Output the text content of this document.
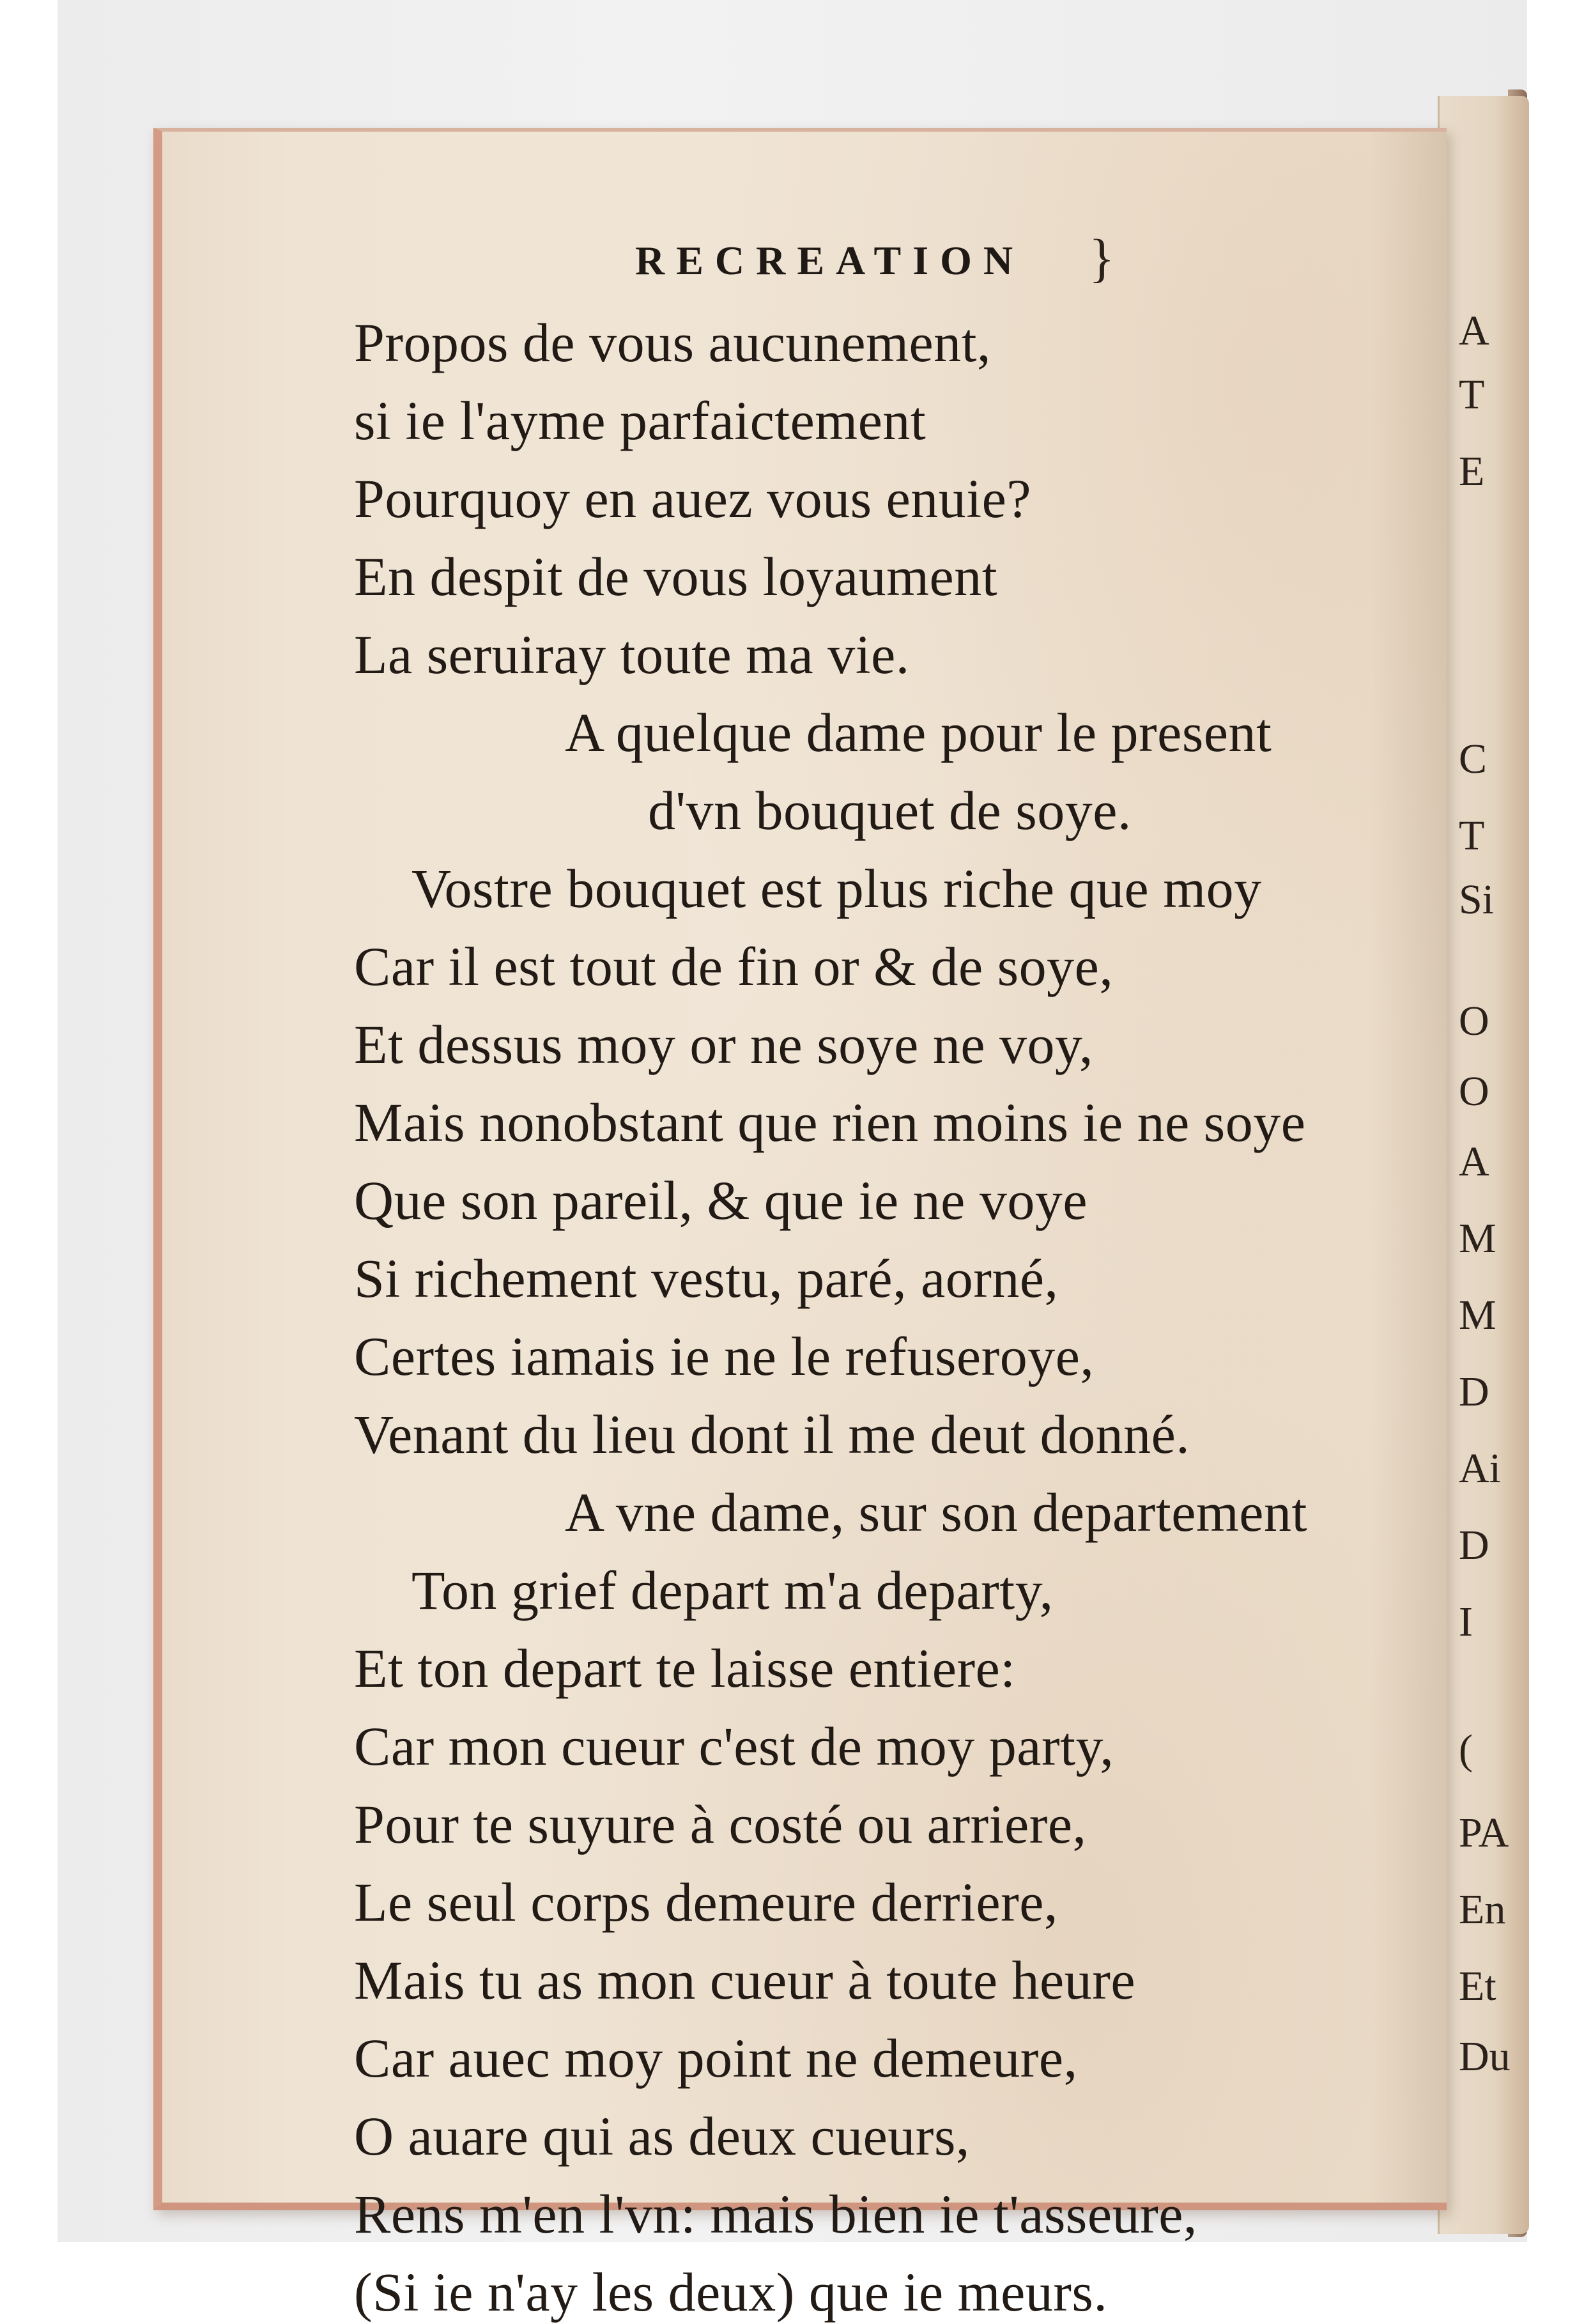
A
T
E
C
T
Si
O
O
A
M
M
D
Ai
D
I
(
PA
En
Et
Du
RECREATION }
Propos de vous aucunement,
si ie l'ayme parfaictement
Pourquoy en auez vous enuie?
En despit de vous loyaument
La seruiray toute ma vie.
A quelque dame pour le present
d'vn bouquet de soye.
Vostre bouquet est plus riche que moy
Car il est tout de fin or & de soye,
Et dessus moy or ne soye ne voy,
Mais nonobstant que rien moins ie ne soye
Que son pareil, & que ie ne voye
Si richement vestu, paré, aorné,
Certes iamais ie ne le refuseroye,
Venant du lieu dont il me deut donné.
A vne dame, sur son departement
Ton grief depart m'a departy,
Et ton depart te laisse entiere:
Car mon cueur c'est de moy party,
Pour te suyure à costé ou arriere,
Le seul corps demeure derriere,
Mais tu as mon cueur à toute heure
Car auec moy point ne demeure,
O auare qui as deux cueurs,
Rens m'en l'vn: mais bien ie t'asseure,
(Si ie n'ay les deux) que ie meurs.
